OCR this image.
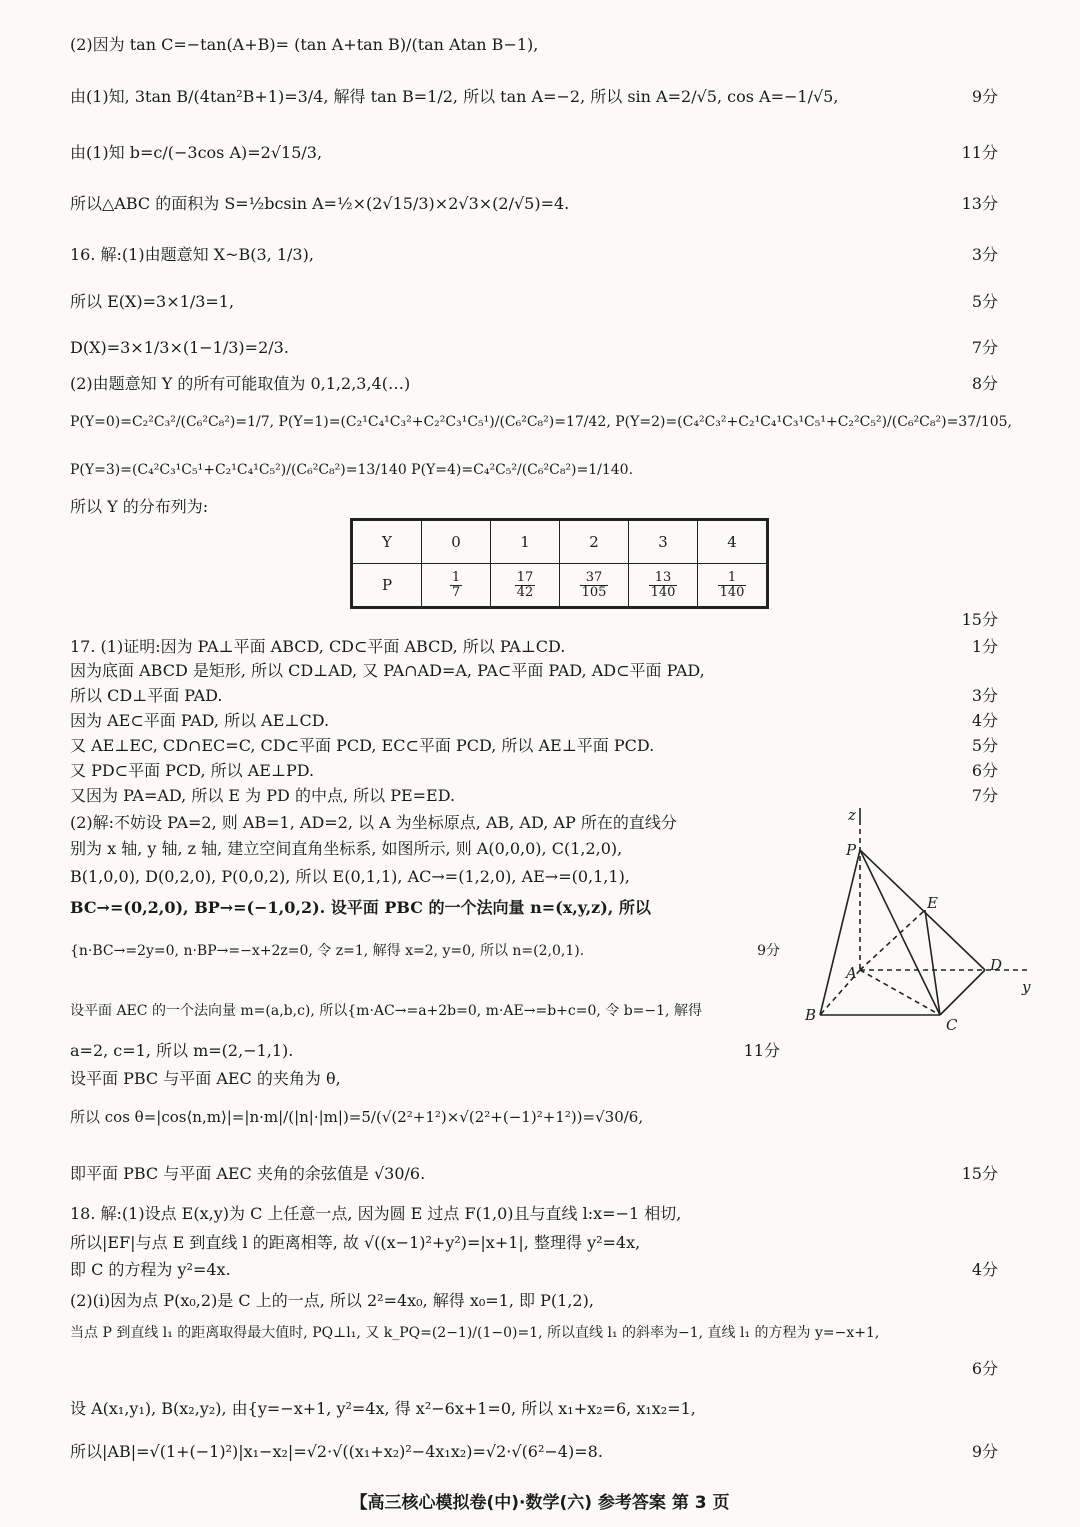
(2)因为 tan C=−tan(A+B)= (tan A+tan B)/(tan Atan B−1),
由(1)知, 3tan B/(4tan²B+1)=3/4, 解得 tan B=1/2, 所以 tan A=−2, 所以 sin A=2/√5, cos A=−1/√5,	9分
由(1)知 b=c/(−3cos A)=2√15/3,	11分
所以△ABC 的面积为 S=½bcsin A=½×(2√15/3)×2√3×(2/√5)=4.	13分
16. 解:(1)由题意知 X~B(3, 1/3),	3分
所以 E(X)=3×1/3=1,	5分
D(X)=3×1/3×(1−1/3)=2/3.	7分
(2)由题意知 Y 的所有可能取值为 0,1,2,3,4(…)	8分
P(Y=0)=C₂²C₃²/(C₆²C₈²)=1/7, P(Y=1)=(C₂¹C₄¹C₃²+C₂²C₃¹C₅¹)/(C₆²C₈²)=17/42, P(Y=2)=(C₄²C₃²+C₂¹C₄¹C₃¹C₅¹+C₂²C₅²)/(C₆²C₈²)=37/105,
P(Y=3)=(C₄²C₃¹C₅¹+C₂¹C₄¹C₅²)/(C₆²C₈²)=13/140 P(Y=4)=C₄²C₅²/(C₆²C₈²)=1/140.
所以 Y 的分布列为:
Y	0	1	2	3	4
P	$\frac{1}{7}$	$\frac{17}{42}$	$\frac{37}{105}$	$\frac{13}{140}$	$\frac{1}{140}$
15分
17. (1)证明:因为 PA⊥平面 ABCD, CD⊂平面 ABCD, 所以 PA⊥CD.	1分
因为底面 ABCD 是矩形, 所以 CD⊥AD, 又 PA∩AD=A, PA⊂平面 PAD, AD⊂平面 PAD,
所以 CD⊥平面 PAD.	3分
因为 AE⊂平面 PAD, 所以 AE⊥CD.	4分
又 AE⊥EC, CD∩EC=C, CD⊂平面 PCD, EC⊂平面 PCD, 所以 AE⊥平面 PCD.	5分
又 PD⊂平面 PCD, 所以 AE⊥PD.	6分
又因为 PA=AD, 所以 E 为 PD 的中点, 所以 PE=ED.	7分
(2)解:不妨设 PA=2, 则 AB=1, AD=2, 以 A 为坐标原点, AB, AD, AP 所在的直线分
别为 x 轴, y 轴, z 轴, 建立空间直角坐标系, 如图所示, 则 A(0,0,0), C(1,2,0),
B(1,0,0), D(0,2,0), P(0,0,2), 所以 E(0,1,1), AC→=(1,2,0), AE→=(0,1,1),
BC→=(0,2,0), BP→=(−1,0,2). 设平面 PBC 的一个法向量 n=(x,y,z), 所以
{n·BC→=2y=0, n·BP→=−x+2z=0, 令 z=1, 解得 x=2, y=0, 所以 n=(2,0,1).	9分
设平面 AEC 的一个法向量 m=(a,b,c), 所以{m·AC→=a+2b=0, m·AE→=b+c=0, 令 b=−1, 解得
a=2, c=1, 所以 m=(2,−1,1).	11分
设平面 PBC 与平面 AEC 的夹角为 θ,
所以 cos θ=|cos⟨n,m⟩|=|n·m|/(|n|·|m|)=5/(√(2²+1²)×√(2²+(−1)²+1²))=√30/6,
即平面 PBC 与平面 AEC 夹角的余弦值是 √30/6.	15分
18. 解:(1)设点 E(x,y)为 C 上任意一点, 因为圆 E 过点 F(1,0)且与直线 l:x=−1 相切,
所以|EF|与点 E 到直线 l 的距离相等, 故 √((x−1)²+y²)=|x+1|, 整理得 y²=4x,
即 C 的方程为 y²=4x.	4分
(2)(ⅰ)因为点 P(x₀,2)是 C 上的一点, 所以 2²=4x₀, 解得 x₀=1, 即 P(1,2),
当点 P 到直线 l₁ 的距离取得最大值时, PQ⊥l₁, 又 k_PQ=(2−1)/(1−0)=1, 所以直线 l₁ 的斜率为−1, 直线 l₁ 的方程为 y=−x+1,
6分
设 A(x₁,y₁), B(x₂,y₂), 由{y=−x+1, y²=4x, 得 x²−6x+1=0, 所以 x₁+x₂=6, x₁x₂=1,
所以|AB|=√(1+(−1)²)|x₁−x₂|=√2·√((x₁+x₂)²−4x₁x₂)=√2·√(6²−4)=8.	9分
z
P
E
A	D
y
B
C
【高三核心模拟卷(中)·数学(六) 参考答案 第 3 页
